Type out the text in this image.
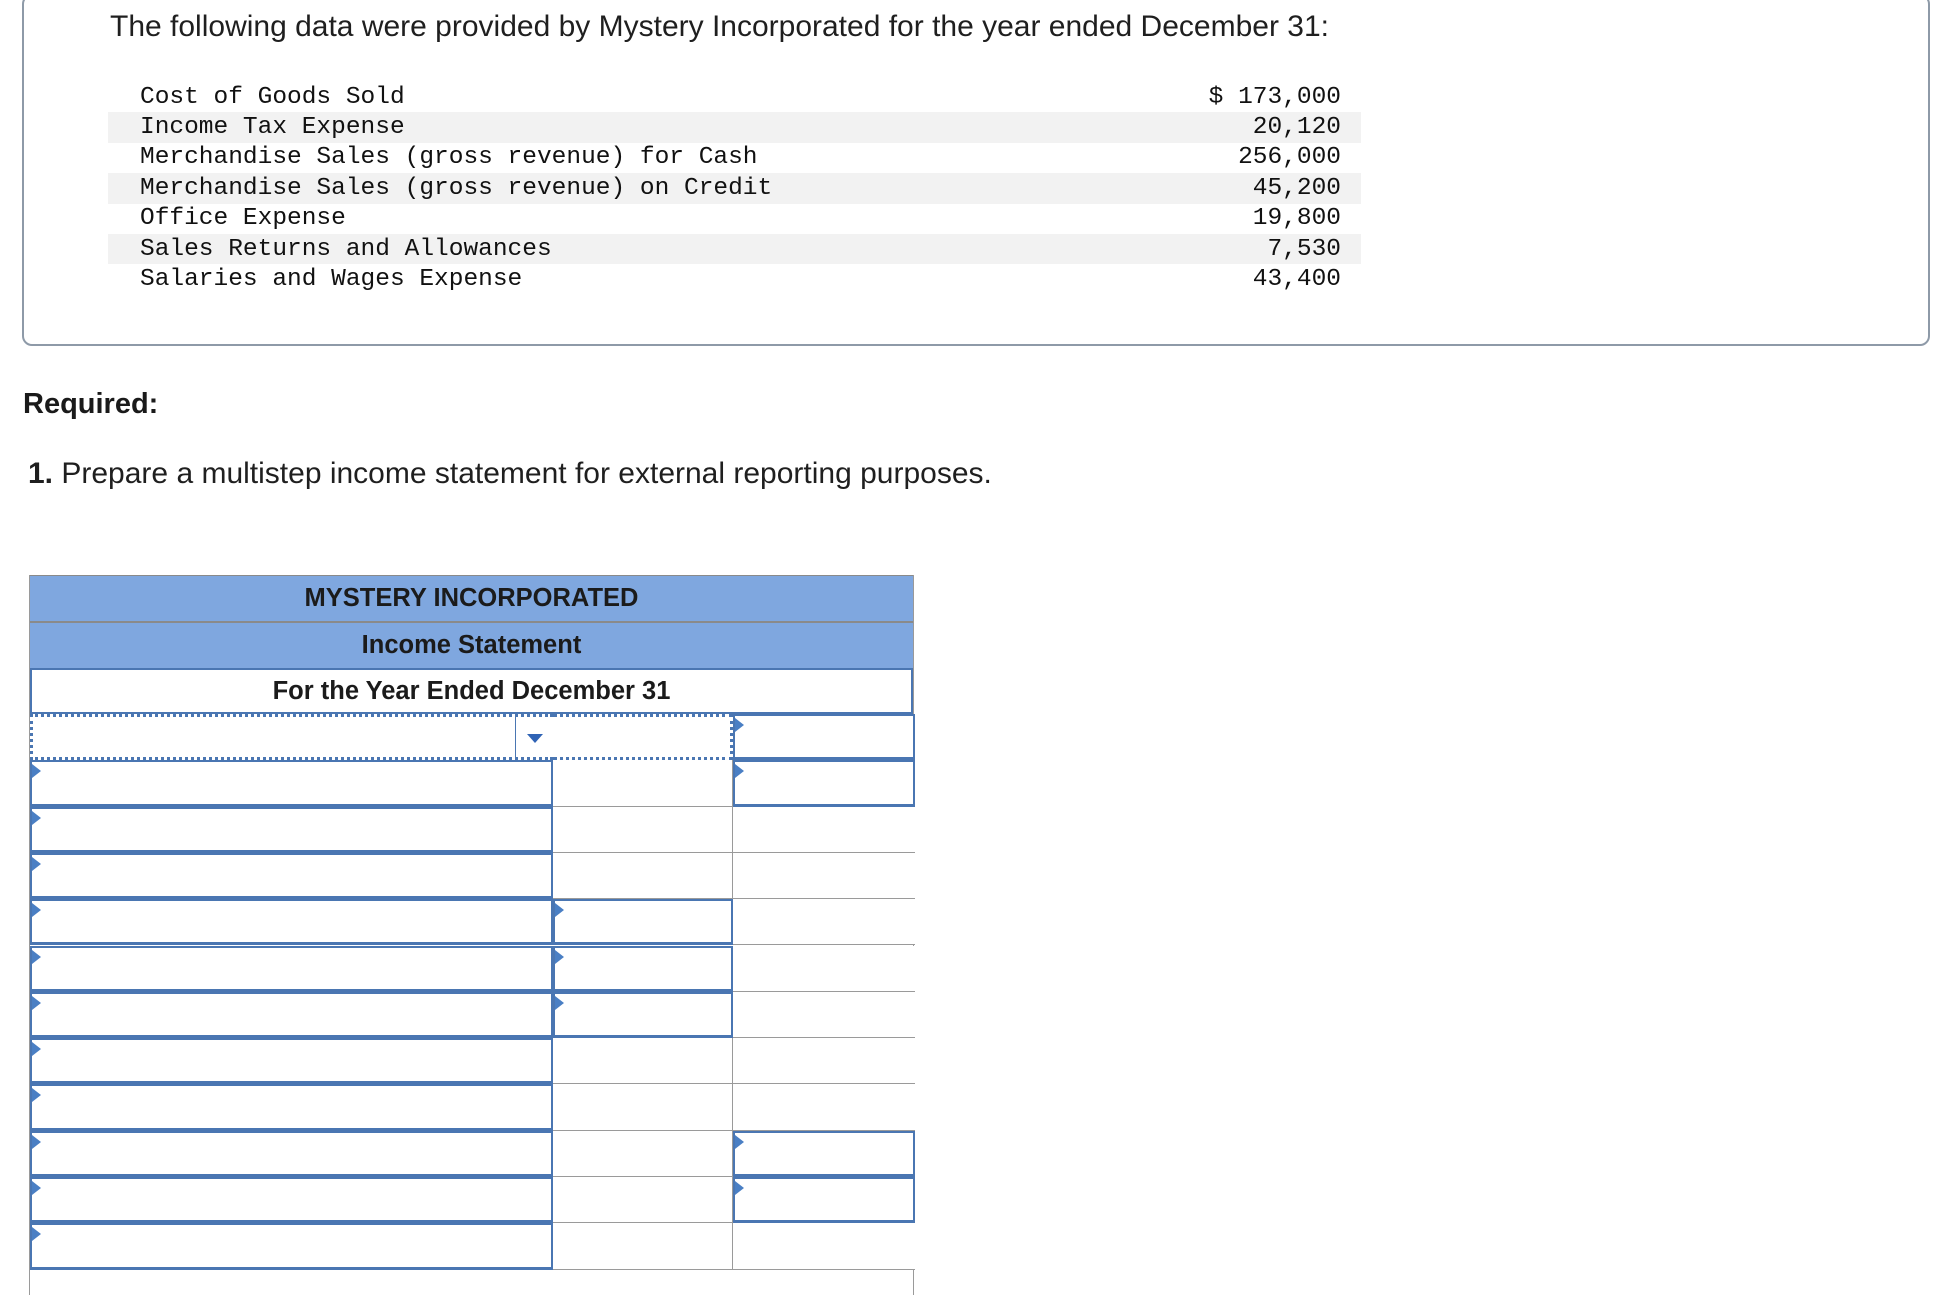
The following data were provided by Mystery Incorporated for the year ended December 31:
Cost of Goods Sold	$ 173,000
Income Tax Expense	20,120
Merchandise Sales (gross revenue) for Cash	256,000
Merchandise Sales (gross revenue) on Credit	45,200
Office Expense	19,800
Sales Returns and Allowances	7,530
Salaries and Wages Expense	43,400
Required:
1. Prepare a multistep income statement for external reporting purposes.
MYSTERY INCORPORATED
Income Statement
For the Year Ended December 31
